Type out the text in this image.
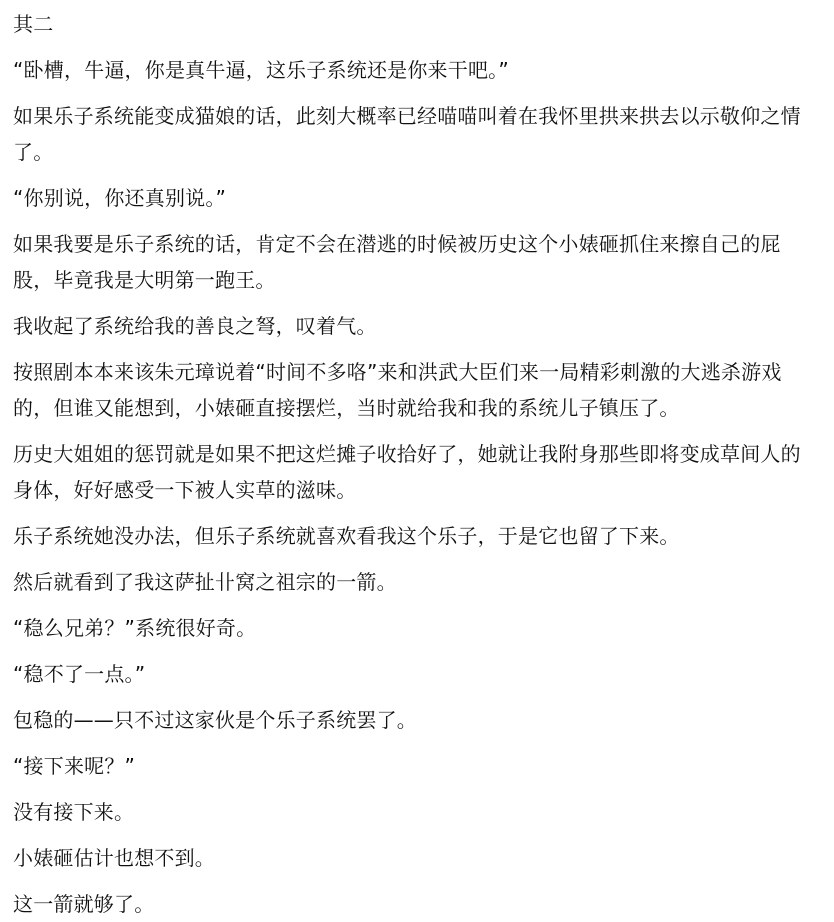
其二

“卧槽，牛逼，你是真牛逼，这乐子系统还是你来干吧。”

如果乐子系统能变成猫娘的话，此刻大概率已经喵喵叫着在我怀里拱来拱去以示敬仰之情了。

“你别说，你还真别说。”

如果我要是乐子系统的话，肯定不会在潜逃的时候被历史这个小婊砸抓住来擦自己的屁股，毕竟我是大明第一跑王。

我收起了系统给我的善良之弩，叹着气。

按照剧本本来该朱元璋说着“时间不多咯”来和洪武大臣们来一局精彩刺激的大逃杀游戏的，但谁又能想到，小婊砸直接摆烂，当时就给我和我的系统儿子镇压了。

历史大姐姐的惩罚就是如果不把这烂摊子收拾好了，她就让我附身那些即将变成草间人的身体，好好感受一下被人实草的滋味。

乐子系统她没办法，但乐子系统就喜欢看我这个乐子，于是它也留了下来。

然后就看到了我这萨扯卝窝之祖宗的一箭。

“稳么兄弟？”系统很好奇。

“稳不了一点。”

包稳的——只不过这家伙是个乐子系统罢了。

“接下来呢？”

没有接下来。

小婊砸估计也想不到。

这一箭就够了。
